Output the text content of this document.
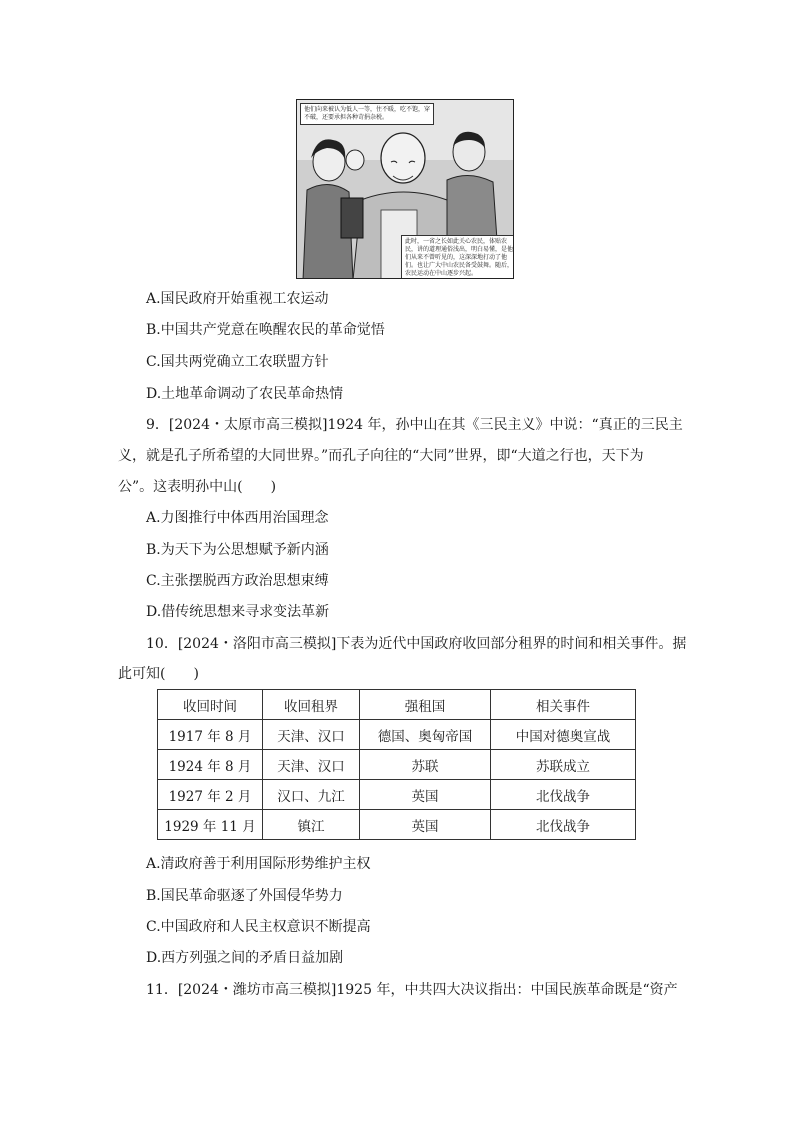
他们向来被认为低人一等，住不暖，吃不饱，穿不破，还要承担各种苛捐杂税。
此时，一省之长如此关心农民，体贴农民，讲的道理通俗浅出，明白易懂，是他们从来不曾听见的，这深深地打动了他们。也让广大中山农民备受鼓舞。随后，农民运动在中山逐步兴起。
A.国民政府开始重视工农运动
B.中国共产党意在唤醒农民的革命觉悟
C.国共两党确立工农联盟方针
D.土地革命调动了农民革命热情
9．[2024・太原市高三模拟]1924 年，孙中山在其《三民主义》中说：“真正的三民主
义，就是孔子所希望的大同世界。”而孔子向往的“大同”世界，即“大道之行也，天下为
公”。这表明孙中山(　　)
A.力图推行中体西用治国理念
B.为天下为公思想赋予新内涵
C.主张摆脱西方政治思想束缚
D.借传统思想来寻求变法革新
10．[2024・洛阳市高三模拟]下表为近代中国政府收回部分租界的时间和相关事件。据
此可知(　　)
收回时间	收回租界	强租国	相关事件
1917 年 8 月	天津、汉口	德国、奥匈帝国	中国对德奥宣战
1924 年 8 月	天津、汉口	苏联	苏联成立
1927 年 2 月	汉口、九江	英国	北伐战争
1929 年 11 月	镇江	英国	北伐战争
A.清政府善于利用国际形势维护主权
B.国民革命驱逐了外国侵华势力
C.中国政府和人民主权意识不断提高
D.西方列强之间的矛盾日益加剧
11．[2024・潍坊市高三模拟]1925 年，中共四大决议指出：中国民族革命既是“资产
